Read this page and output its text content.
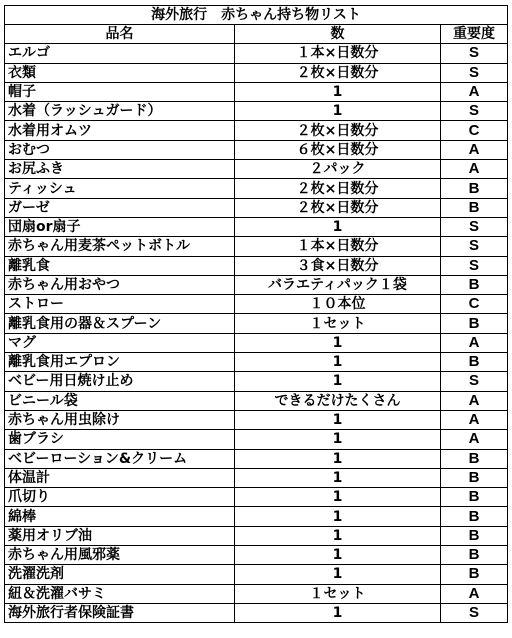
海外旅行　赤ちゃん持ち物リスト		
品名	数	重要度
エルゴ	１本×日数分	S
衣類	２枚×日数分	S
帽子	1	A
水着（ラッシュガード）	1	S
水着用オムツ	２枚×日数分	C
おむつ	６枚×日数分	A
お尻ふき	２パック	A
ティッシュ	２枚×日数分	B
ガーゼ	２枚×日数分	B
団扇or扇子	1	S
赤ちゃん用麦茶ペットボトル	１本×日数分	S
離乳食	３食×日数分	S
赤ちゃん用おやつ	バラエティパック１袋	B
ストロー	１０本位	C
離乳食用の器＆スプーン	１セット	B
マグ	1	A
離乳食用エプロン	1	B
ベビー用日焼け止め	1	S
ビニール袋	できるだけたくさん	A
赤ちゃん用虫除け	1	A
歯ブラシ	1	A
ベビーローション&クリーム	1	B
体温計	1	B
爪切り	1	B
綿棒	1	B
薬用オリブ油	1	B
赤ちゃん用風邪薬	1	B
洗濯洗剤	1	B
紐＆洗濯バサミ	１セット	A
海外旅行者保険証書	1	S
